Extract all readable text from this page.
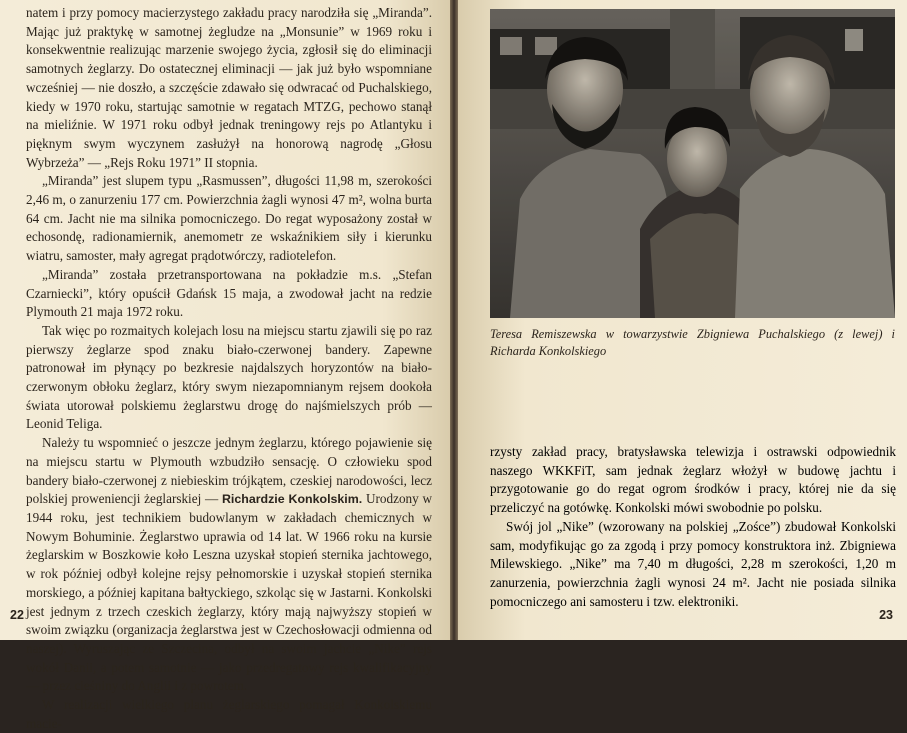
natem i przy pomocy macierzystego zakładu pracy narodziła się „Miranda”. Mając już praktykę w samotnej żegludze na „Monsunie” w 1969 roku i konsekwentnie realizując marzenie swojego życia, zgłosił się do eliminacji samotnych żeglarzy. Do ostatecznej eliminacji — jak już było wspomniane wcześniej — nie doszło, a szczęście zdawało się odwracać od Puchalskiego, kiedy w 1970 roku, startując samotnie w regatach MTZG, pechowo stanął na mieliźnie. W 1971 roku odbył jednak treningowy rejs po Atlantyku i pięknym swym wyczynem zasłużył na honorową nagrodę „Głosu Wybrzeża” — „Rejs Roku 1971” II stopnia.

„Miranda” jest slupem typu „Rasmussen”, długości 11,98 m, szerokości 2,46 m, o zanurzeniu 177 cm. Powierzchnia żagli wynosi 47 m², wolna burta 64 cm. Jacht nie ma silnika pomocniczego. Do regat wyposażony został w echosondę, radionamiernik, anemometr ze wskaźnikiem siły i kierunku wiatru, samoster, mały agregat prądotwórczy, radiotelefon.

„Miranda” została przetransportowana na pokładzie m.s. „Stefan Czarniecki”, który opuścił Gdańsk 15 maja, a zwodował jacht na redzie Plymouth 21 maja 1972 roku.

Tak więc po rozmaitych kolejach losu na miejscu startu zjawili się po raz pierwszy żeglarze spod znaku biało-czerwonej bandery. Zapewne patronował im płynący po bezkresie najdalszych horyzontów na biało-czerwonym obłoku żeglarz, który swym niezapomnianym rejsem dookoła świata utorował polskiemu żeglarstwu drogę do najśmielszych prób — Leonid Teliga.

Należy tu wspomnieć o jeszcze jednym żeglarzu, którego pojawienie się na miejscu startu w Plymouth wzbudziło sensację. O człowieku spod bandery biało-czerwonej z niebieskim trójkątem, czeskiej narodowości, lecz polskiej proweniencji żeglarskiej — Richardzie Konkolskim. Urodzony w 1944 roku, jest technikiem budowlanym w zakładach chemicznych w Nowym Bohuminie. Żeglarstwo uprawia od 14 lat. W 1966 roku na kursie żeglarskim w Boszkowie koło Leszna uzyskał stopień sternika jachtowego, w rok później odbył kolejne rejsy pełnomorskie i uzyskał stopień sternika morskiego, a później kapitana bałtyckiego, szkoląc się w Jastarni. Konkolski jest jednym z trzech czeskich żeglarzy, który mają najwyższy stopień w swoim związku (organizacja żeglarstwa jest w Czechosłowacji odmienna od naszej). Wyruszając ze Szczecina, odbył na swoim jachcie „Nike” rejs wokół Danii, a potem samotnie — jako przedregatowy rejs kwalifikacyjny — przez cieśniny do Anglii i z powrotem.

W realizacji wielkiego planu żeglarskiego pomagał Konkolskiemu macie-

22	23
Teresa Remiszewska w towarzystwie Zbigniewa Puchalskiego (z lewej) i Richarda Konkolskiego

rzysty zakład pracy, bratysławska telewizja i ostrawski odpowiednik naszego WKKFiT, sam jednak żeglarz włożył w budowę jachtu i przygotowanie go do regat ogrom środków i pracy, której nie da się przeliczyć na gotówkę. Konkolski mówi swobodnie po polsku.

Swój jol „Nike” (wzorowany na polskiej „Zośce”) zbudował Konkolski sam, modyfikując go za zgodą i przy pomocy konstruktora inż. Zbigniewa Milewskiego. „Nike” ma 7,40 m długości, 2,28 m szerokości, 1,20 m zanurzenia, powierzchnia żagli wynosi 24 m². Jacht nie posiada silnika pomocniczego ani samosteru i tzw. elektroniki.
